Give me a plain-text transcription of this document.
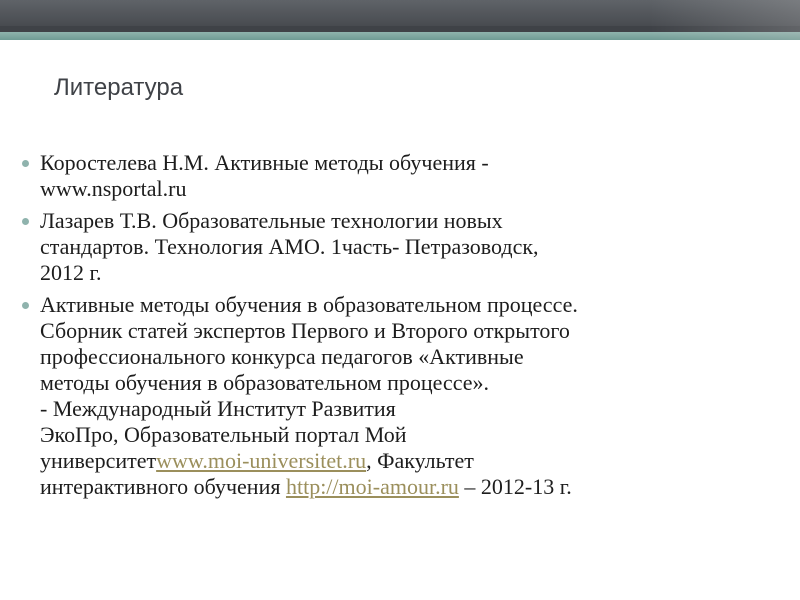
Литература
Коростелева Н.М. Активные методы обучения -
www.nsportal.ru
Лазарев Т.В. Образовательные технологии новых
стандартов. Технология АМО. 1часть- Петразоводск,
2012 г.
Активные методы обучения в образовательном процессе.
Сборник статей экспертов Первого и Второго открытого
профессионального конкурса педагогов «Активные
методы обучения в образовательном процессе».
- Международный Институт Развития
ЭкоПро, Образовательный портал Мой
университетwww.moi-universitet.ru, Факультет
интерактивного обучения http://moi-amour.ru – 2012-13 г.
